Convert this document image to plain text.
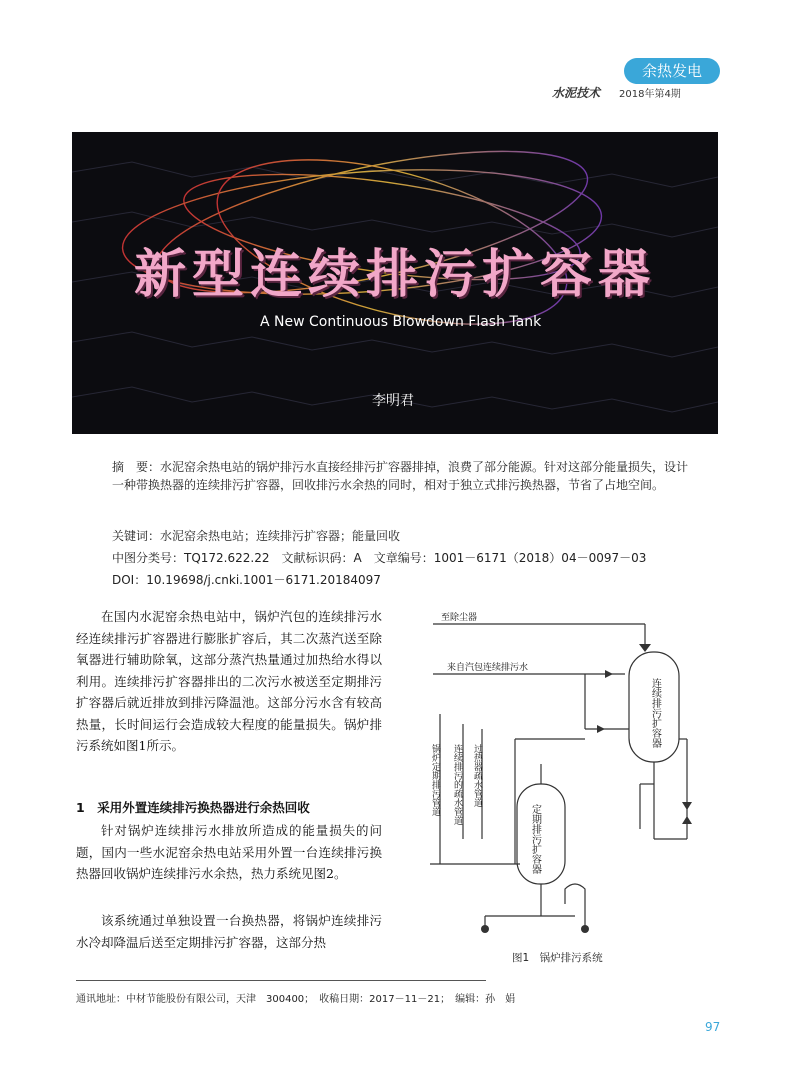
余热发电
水泥技术 2018年第4期
新型连续排污扩容器
A New Continuous Blowdown Flash Tank
李明君
摘　要：水泥窑余热电站的锅炉排污水直接经排污扩容器排掉，浪费了部分能源。针对这部分能量损失，设计一种带换热器的连续排污扩容器，回收排污水余热的同时，相对于独立式排污换热器，节省了占地空间。
关键词：水泥窑余热电站；连续排污扩容器；能量回收
中图分类号：TQ172.622.22　文献标识码：A　文章编号：1001－6171（2018）04－0097－03
DOI：10.19698/j.cnki.1001－6171.20184097
在国内水泥窑余热电站中，锅炉汽包的连续排污水经连续排污扩容器进行膨胀扩容后，其二次蒸汽送至除氧器进行辅助除氧，这部分蒸汽热量通过加热给水得以利用。连续排污扩容器排出的二次污水被送至定期排污扩容器后就近排放到排污降温池。这部分污水含有较高热量，长时间运行会造成较大程度的能量损失。锅炉排污系统如图1所示。
1　采用外置连续排污换热器进行余热回收
针对锅炉连续排污水排放所造成的能量损失的问题，国内一些水泥窑余热电站采用外置一台连续排污换热器回收锅炉连续排污水余热，热力系统见图2。
该系统通过单独设置一台换热器，将锅炉连续排污水冷却降温后送至定期排污扩容器，这部分热
至除尘器
来自汽包连续排污水
连续排污扩容器
锅炉定期排污管道 连续排污的疏水管道 过热器疏水管道
定期排污扩容器
图1　锅炉排污系统
通讯地址：中材节能股份有限公司，天津　300400；　收稿日期：2017－11－21；　编辑：孙　娟
97
